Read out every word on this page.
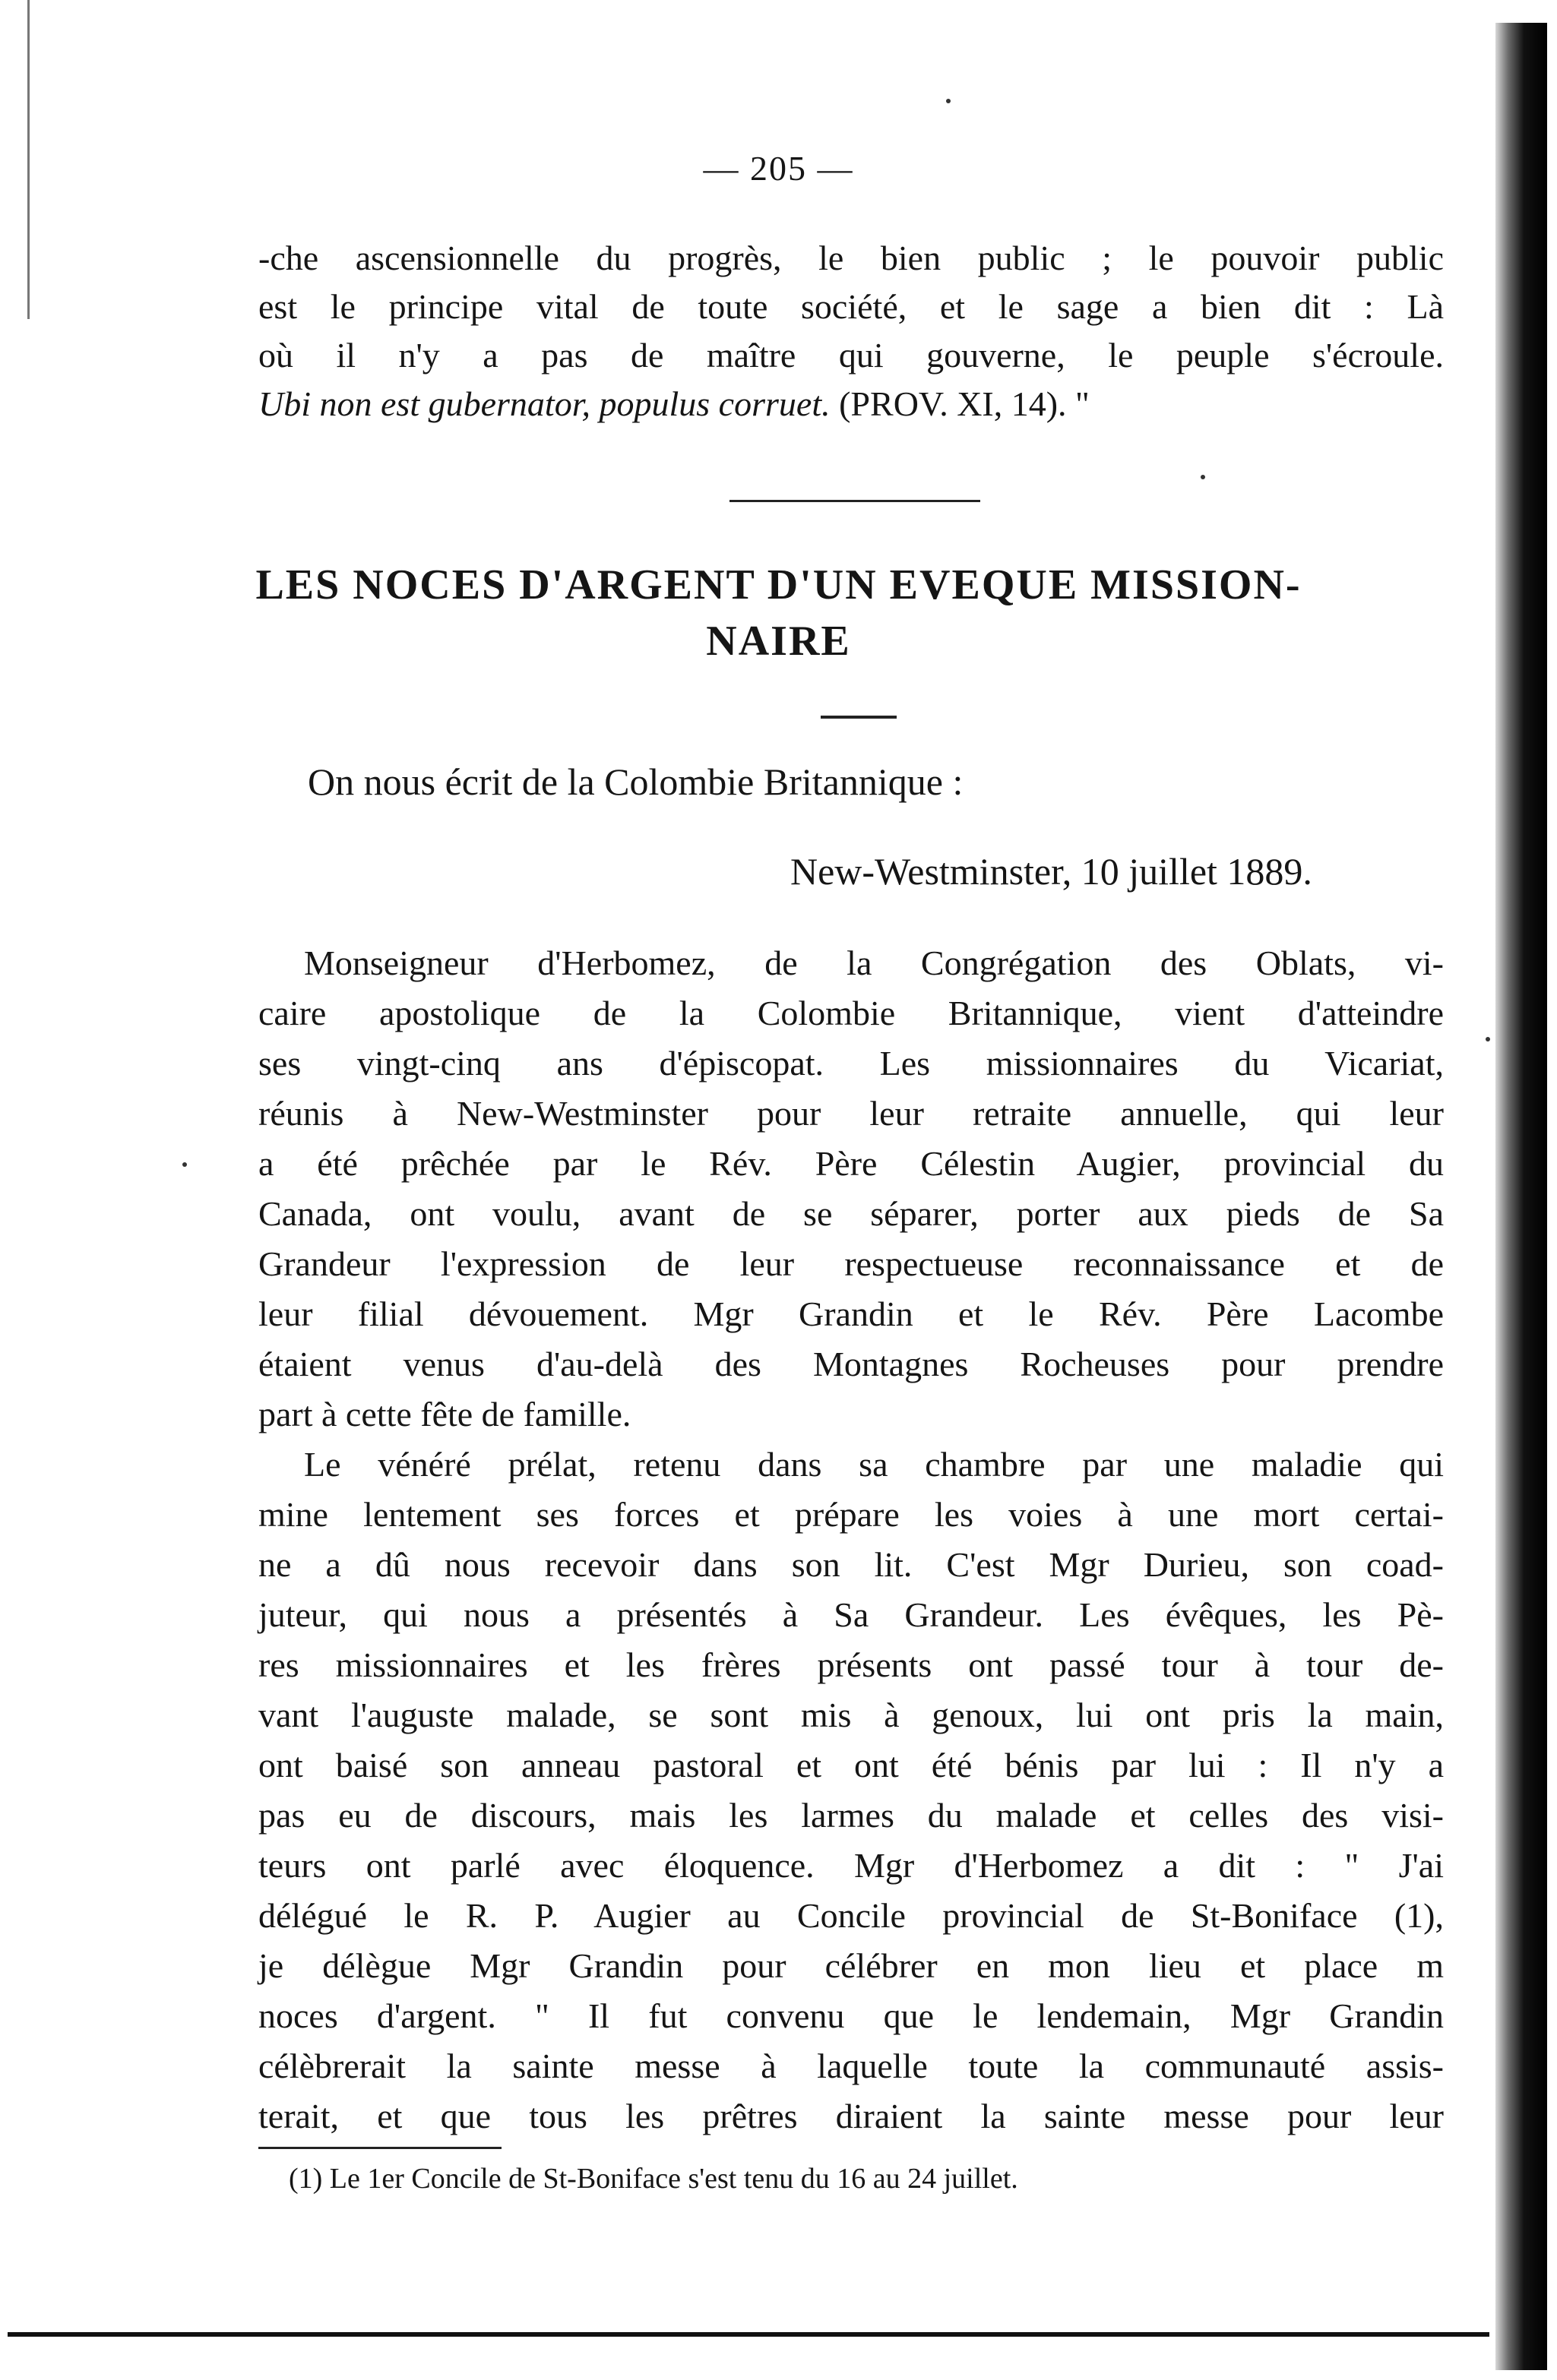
— 205 —
‑che ascensionnelle du progrès, le bien public ; le pouvoir public
est le principe vital de toute société, et le sage a bien dit : Là
où il n'y a pas de maître qui gouverne, le peuple s'écroule.
Ubi non est gubernator, populus corruet. (PROV. XI, 14). "
LES NOCES D'ARGENT D'UN EVEQUE MISSION-
NAIRE
On nous écrit de la Colombie Britannique :
New-Westminster, 10 juillet 1889.
Monseigneur d'Herbomez, de la Congrégation des Oblats, vi-
caire apostolique de la Colombie Britannique, vient d'atteindre
ses vingt-cinq ans d'épiscopat. Les missionnaires du Vicariat,
réunis à New-Westminster pour leur retraite annuelle, qui leur
a été prêchée par le Rév. Père Célestin Augier, provincial du
Canada, ont voulu, avant de se séparer, porter aux pieds de Sa
Grandeur l'expression de leur respectueuse reconnaissance et de
leur filial dévouement. Mgr Grandin et le Rév. Père Lacombe
étaient venus d'au-delà des Montagnes Rocheuses pour prendre
part à cette fête de famille.
Le vénéré prélat, retenu dans sa chambre par une maladie qui
mine lentement ses forces et prépare les voies à une mort certai-
ne a dû nous recevoir dans son lit. C'est Mgr Durieu, son coad-
juteur, qui nous a présentés à Sa Grandeur. Les évêques, les Pè-
res missionnaires et les frères présents ont passé tour à tour de-
vant l'auguste malade, se sont mis à genoux, lui ont pris la main,
ont baisé son anneau pastoral et ont été bénis par lui : Il n'y a
pas eu de discours, mais les larmes du malade et celles des visi-
teurs ont parlé avec éloquence. Mgr d'Herbomez a dit : " J'ai
délégué le R. P. Augier au Concile provincial de St-Boniface (1),
je délègue Mgr Grandin pour célébrer en mon lieu et place m
noces d'argent. " Il fut convenu que le lendemain, Mgr Grandin
célèbrerait la sainte messe à laquelle toute la communauté assis-
terait, et que tous les prêtres diraient la sainte messe pour leur
(1) Le 1er Concile de St-Boniface s'est tenu du 16 au 24 juillet.
